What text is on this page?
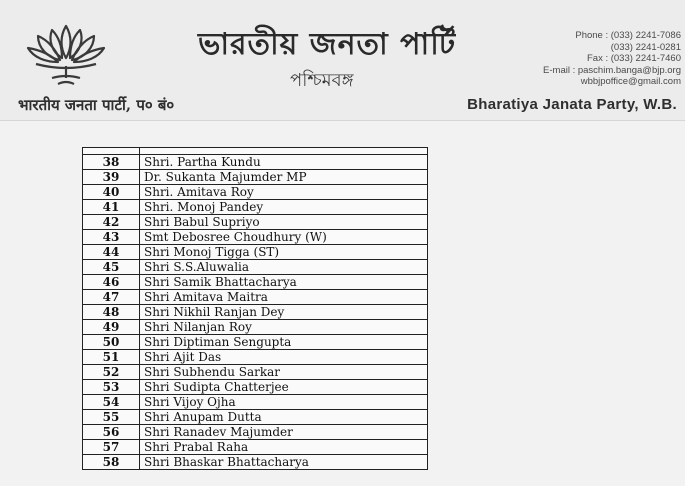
ভারতীয় জনতা পার্টি
পশ্চিমবঙ্গ
भारतीय जनता पार्टी, प० बं०	Bharatiya Janata Party, W.B.
Phone : (033) 2241-7086
(033) 2241-0281
Fax : (033) 2241-7460
E-mail : paschim.banga@bjp.org
wbbjpoffice@gmail.com

38	Shri. Partha Kundu
39	Dr. Sukanta Majumder MP
40	Shri. Amitava Roy
41	Shri. Monoj Pandey
42	Shri Babul Supriyo
43	Smt Debosree Choudhury (W)
44	Shri Monoj Tigga (ST)
45	Shri S.S.Aluwalia
46	Shri Samik Bhattacharya
47	Shri Amitava Maitra
48	Shri Nikhil Ranjan Dey
49	Shri Nilanjan Roy
50	Shri Diptiman Sengupta
51	Shri Ajit Das
52	Shri Subhendu Sarkar
53	Shri Sudipta Chatterjee
54	Shri Vijoy Ojha
55	Shri Anupam Dutta
56	Shri Ranadev Majumder
57	Shri Prabal Raha
58	Shri Bhaskar Bhattacharya
